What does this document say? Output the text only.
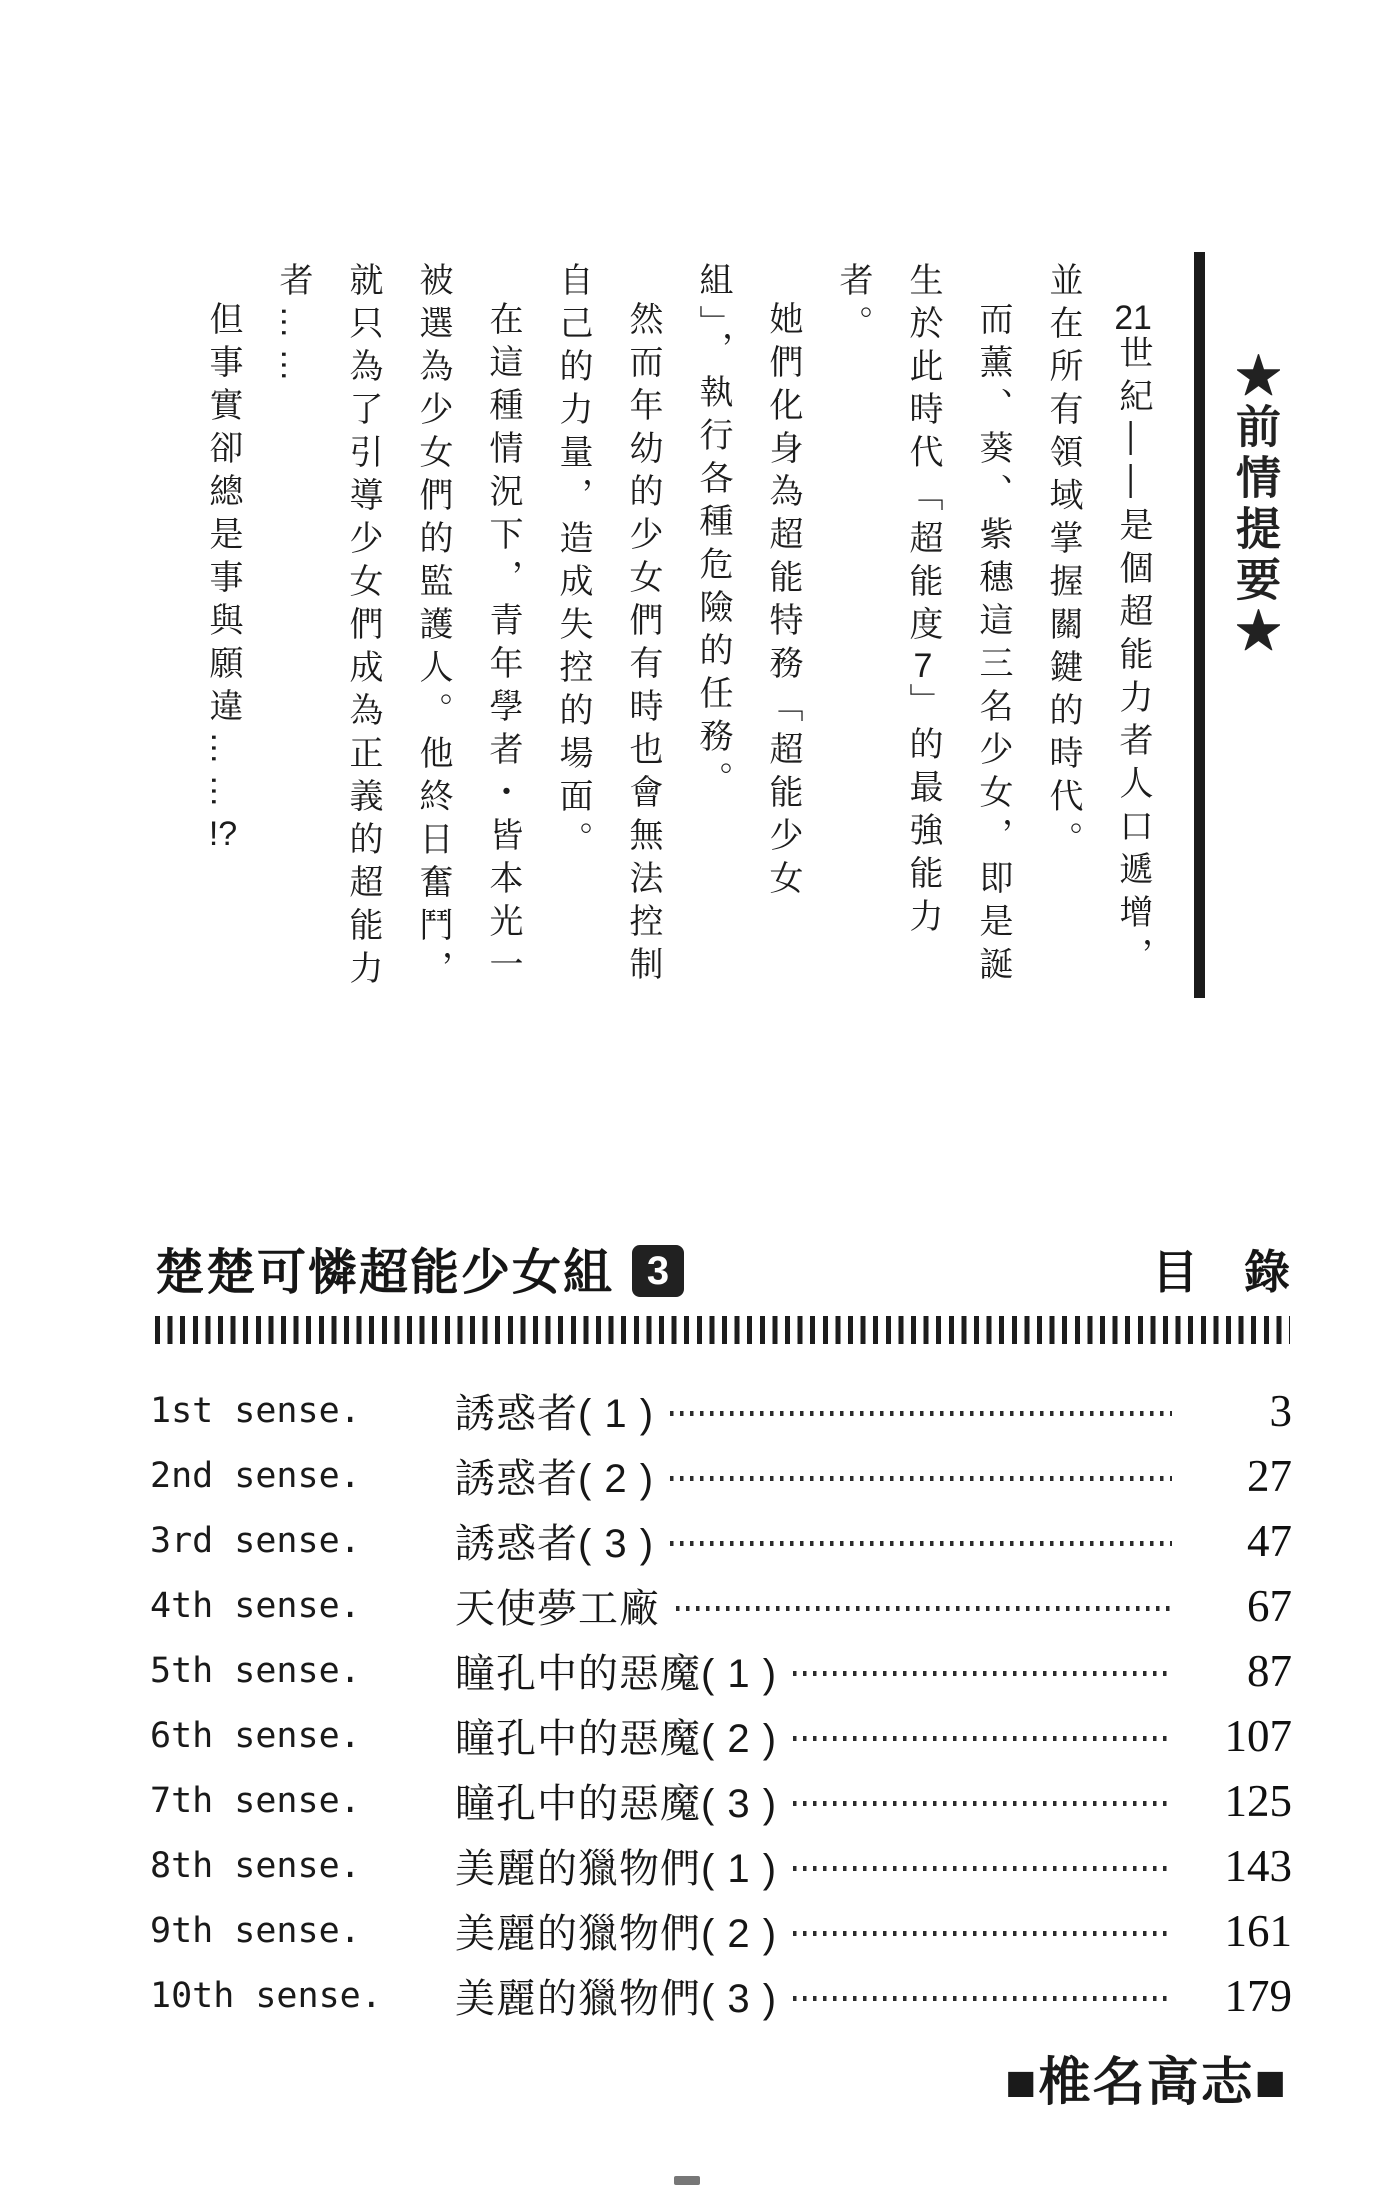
★前情提要★

21世紀——是個超能力者人口遞增，並在所有領域掌握關鍵的時代。

而薰、葵、紫穗這三名少女，即是誕生於此時代「超能度7」的最強能力者。

她們化身為超能特務「超能少女組」，執行各種危險的任務。

然而年幼的少女們有時也會無法控制自己的力量，造成失控的場面。

在這種情況下，青年學者・皆本光一被選為少女們的監護人。他終日奮鬥，就只為了引導少女們成為正義的超能力者……

但事實卻總是事與願違……!?

楚楚可憐超能少女組 3	目　錄
1st sense.	誘惑者( 1 )	3
2nd sense.	誘惑者( 2 )	27
3rd sense.	誘惑者( 3 )	47
4th sense.	天使夢工廠	67
5th sense.	瞳孔中的惡魔( 1 )	87
6th sense.	瞳孔中的惡魔( 2 )	107
7th sense.	瞳孔中的惡魔( 3 )	125
8th sense.	美麗的獵物們( 1 )	143
9th sense.	美麗的獵物們( 2 )	161
10th sense.	美麗的獵物們( 3 )	179
■椎名高志■
